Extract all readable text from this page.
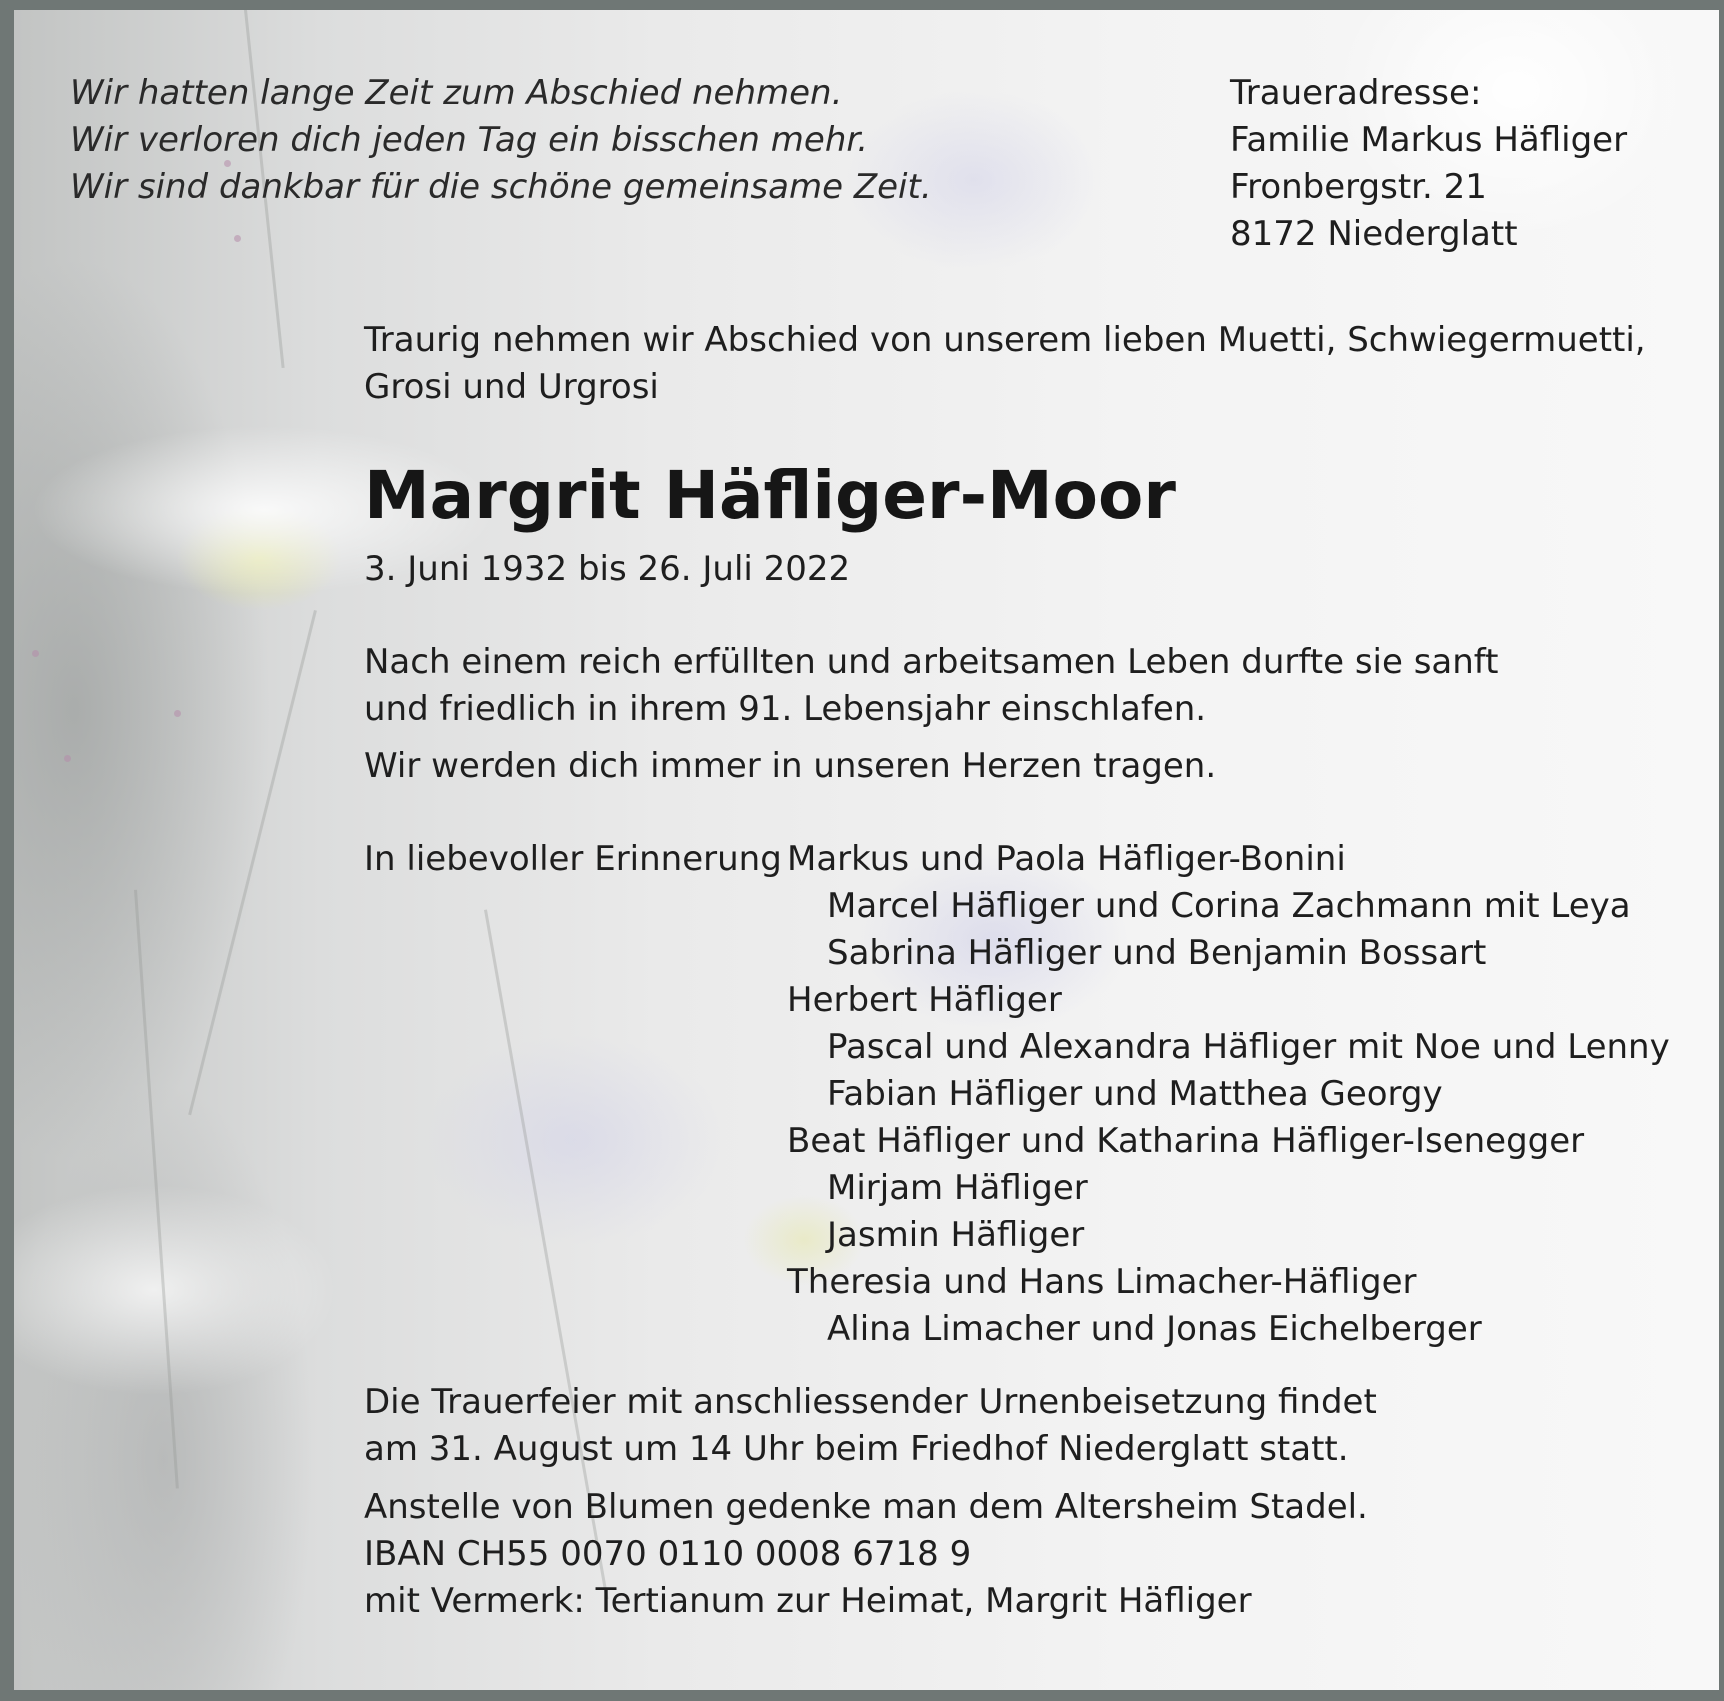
Wir hatten lange Zeit zum Abschied nehmen.
Wir verloren dich jeden Tag ein bisschen mehr.
Wir sind dankbar für die schöne gemeinsame Zeit.
Traueradresse:
Familie Markus Häfliger
Fronbergstr. 21
8172 Niederglatt
Traurig nehmen wir Abschied von unserem lieben Muetti, Schwiegermuetti,
Grosi und Urgrosi
Margrit Häfliger-Moor
3. Juni 1932 bis 26. Juli 2022
Nach einem reich erfüllten und arbeitsamen Leben durfte sie sanft
und friedlich in ihrem 91. Lebensjahr einschlafen.
Wir werden dich immer in unseren Herzen tragen.
In liebevoller Erinnerung Markus und Paola Häfliger-Bonini
Marcel Häfliger und Corina Zachmann mit Leya
Sabrina Häfliger und Benjamin Bossart
Herbert Häfliger
Pascal und Alexandra Häfliger mit Noe und Lenny
Fabian Häfliger und Matthea Georgy
Beat Häfliger und Katharina Häfliger-Isenegger
Mirjam Häfliger
Jasmin Häfliger
Theresia und Hans Limacher-Häfliger
Alina Limacher und Jonas Eichelberger
Die Trauerfeier mit anschliessender Urnenbeisetzung findet
am 31. August um 14 Uhr beim Friedhof Niederglatt statt.
Anstelle von Blumen gedenke man dem Altersheim Stadel.
IBAN CH55 0070 0110 0008 6718 9
mit Vermerk: Tertianum zur Heimat, Margrit Häfliger
